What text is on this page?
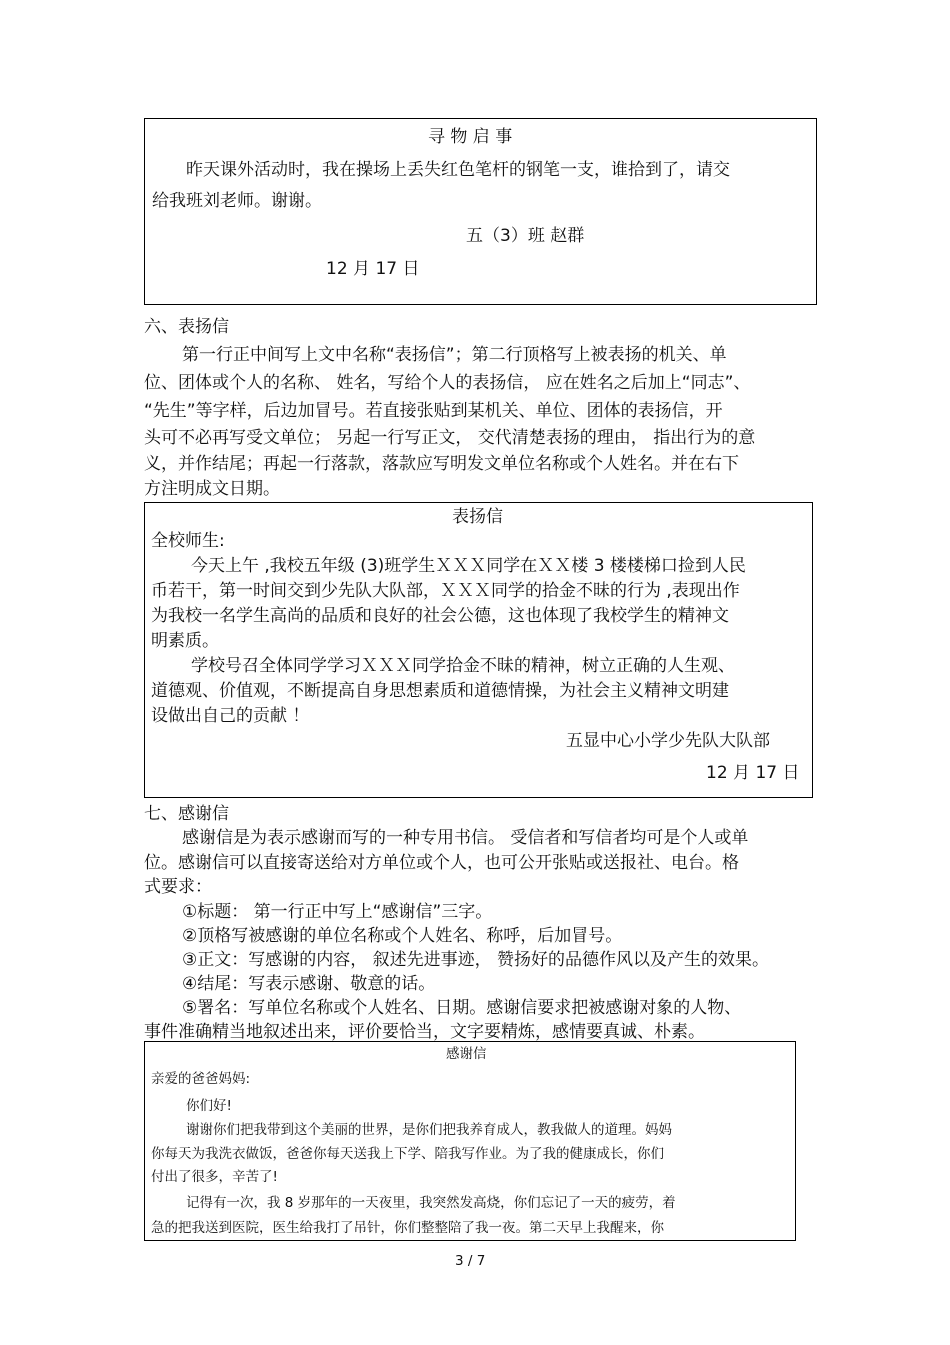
寻 物 启 事
昨天课外活动时，我在操场上丢失红色笔杆的钢笔一支，谁拾到了，请交
给我班刘老师。谢谢。
五（3）班 赵群
12 月 17 日
六、表扬信
第一行正中间写上文中名称“表扬信”；第二行顶格写上被表扬的机关、单
位、团体或个人的名称、 姓名，写给个人的表扬信， 应在姓名之后加上“同志”、
“先生”等字样，后边加冒号。若直接张贴到某机关、单位、团体的表扬信，开
头可不必再写受文单位； 另起一行写正文， 交代清楚表扬的理由， 指出行为的意
义，并作结尾；再起一行落款，落款应写明发文单位名称或个人姓名。并在右下
方注明成文日期。
表扬信
全校师生:
今天上午 ,我校五年级 (3)班学生ＸＸＸ同学在ＸＸ楼 3 楼楼梯口捡到人民
币若干，第一时间交到少先队大队部，ＸＸＸ同学的拾金不昧的行为 ,表现出作
为我校一名学生高尚的品质和良好的社会公德，这也体现了我校学生的精神文
明素质。
学校号召全体同学学习ＸＸＸ同学拾金不昧的精神，树立正确的人生观、
道德观、价值观，不断提高自身思想素质和道德情操，为社会主义精神文明建
设做出自己的贡献 ！
五显中心小学少先队大队部
12 月 17 日
七、感谢信
感谢信是为表示感谢而写的一种专用书信。 受信者和写信者均可是个人或单
位。感谢信可以直接寄送给对方单位或个人，也可公开张贴或送报社、电台。格
式要求：
①标题： 第一行正中写上“感谢信”三字。
②顶格写被感谢的单位名称或个人姓名、称呼，后加冒号。
③正文：写感谢的内容， 叙述先进事迹， 赞扬好的品德作风以及产生的效果。
④结尾：写表示感谢、敬意的话。
⑤署名：写单位名称或个人姓名、日期。感谢信要求把被感谢对象的人物、
事件准确精当地叙述出来，评价要恰当，文字要精炼，感情要真诚、朴素。
感谢信
亲爱的爸爸妈妈:
你们好!
谢谢你们把我带到这个美丽的世界，是你们把我养育成人，教我做人的道理。妈妈
你每天为我洗衣做饭，爸爸你每天送我上下学、陪我写作业。为了我的健康成长，你们
付出了很多，辛苦了!
记得有一次，我 8 岁那年的一天夜里，我突然发高烧，你们忘记了一天的疲劳，着
急的把我送到医院，医生给我打了吊针，你们整整陪了我一夜。第二天早上我醒来，你
3 / 7
